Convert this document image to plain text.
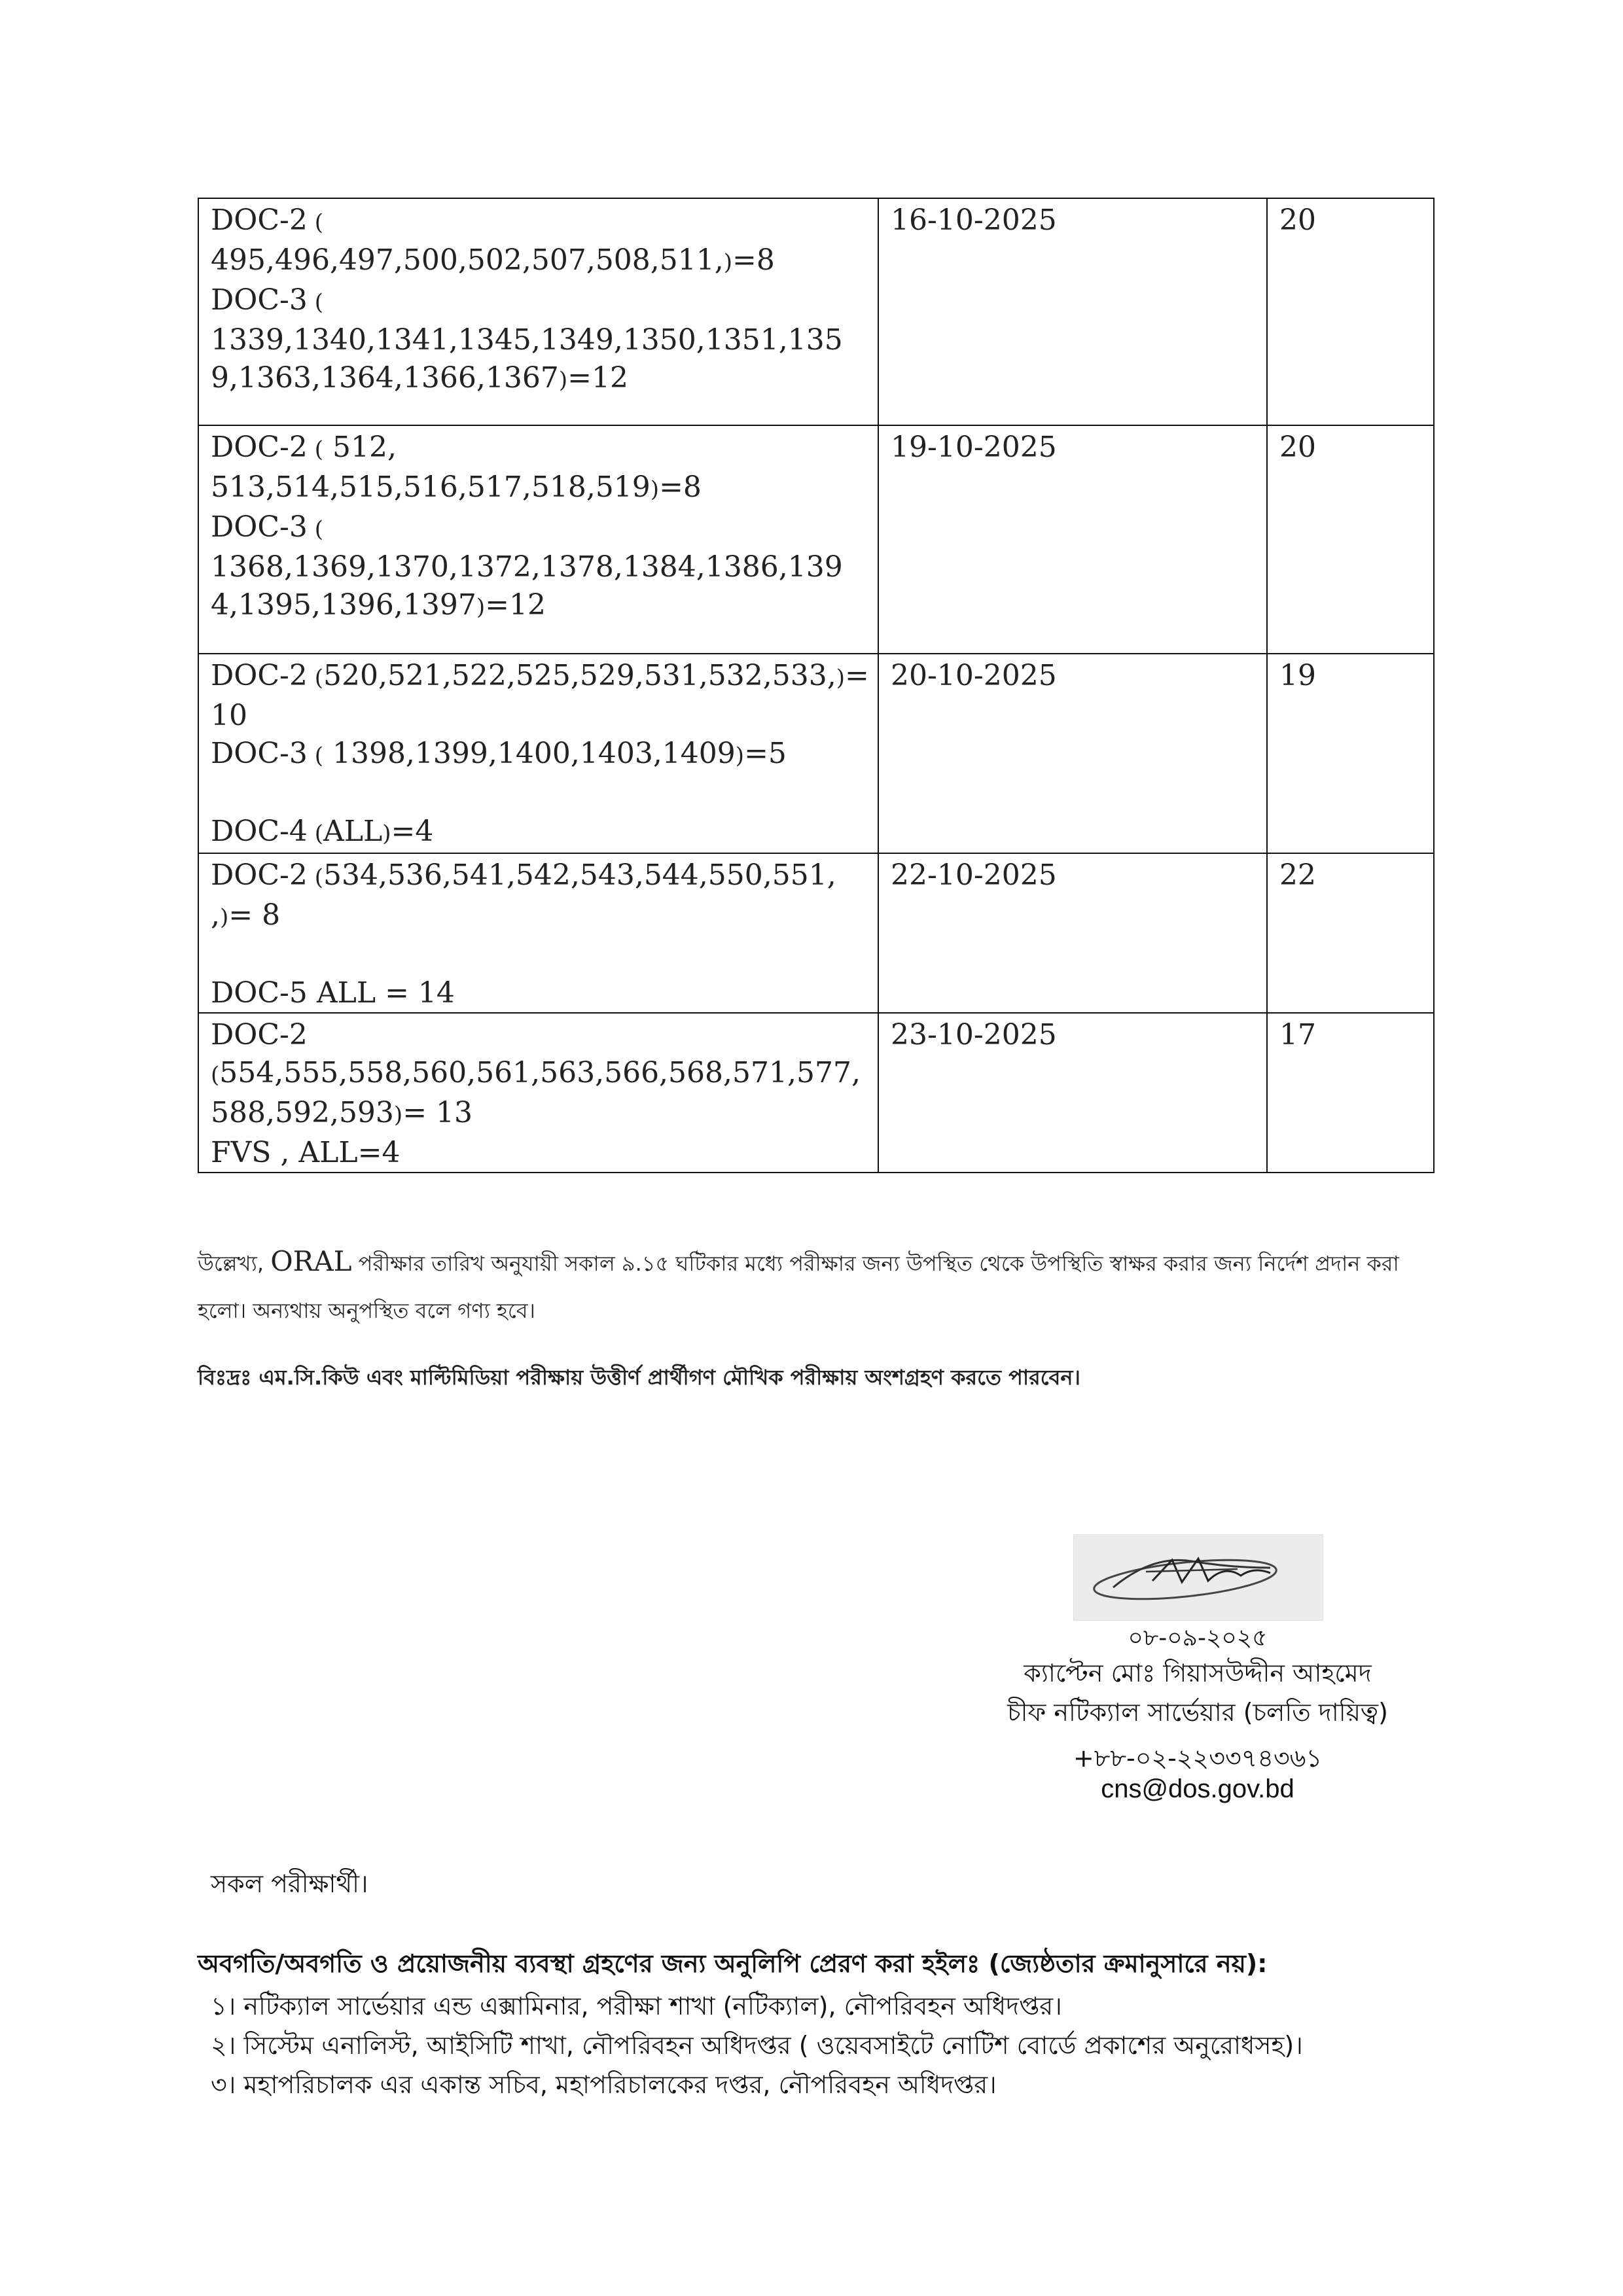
DOC-2 (
495,496,497,500,502,507,508,511,)=8
DOC-3 (
1339,1340,1341,1345,1349,1350,1351,135
9,1363,1364,1366,1367)=12	16-10-2025	20

DOC-2 ( 512,
513,514,515,516,517,518,519)=8
DOC-3 (
1368,1369,1370,1372,1378,1384,1386,139
4,1395,1396,1397)=12	19-10-2025	20

DOC-2 (520,521,522,525,529,531,532,533,)=
10
DOC-3 ( 1398,1399,1400,1403,1409)=5
DOC-4 (ALL)=4	20-10-2025	19

DOC-2 (534,536,541,542,543,544,550,551,
,)= 8
DOC-5 ALL = 14	22-10-2025	22

DOC-2
(554,555,558,560,561,563,566,568,571,577,
588,592,593)= 13
FVS , ALL=4	23-10-2025	17
উল্লেখ্য, ORAL পরীক্ষার তারিখ অনুযায়ী সকাল ৯.১৫ ঘটিকার মধ্যে পরীক্ষার জন্য উপস্থিত থেকে উপস্থিতি স্বাক্ষর করার জন্য নির্দেশ প্রদান করা হলো। অন্যথায় অনুপস্থিত বলে গণ্য হবে।
বিঃদ্রঃ এম.সি.কিউ এবং মাল্টিমিডিয়া পরীক্ষায় উত্তীর্ণ প্রার্থীগণ মৌখিক পরীক্ষায় অংশগ্রহণ করতে পারবেন।
০৮-০৯-২০২৫
ক্যাপ্টেন মোঃ গিয়াসউদ্দীন আহমেদ
চীফ নটিক্যাল সার্ভেয়ার (চলতি দায়িত্ব)
+৮৮-০২-২২৩৩৭৪৩৬১
cns@dos.gov.bd
সকল পরীক্ষার্থী।
অবগতি/অবগতি ও প্রয়োজনীয় ব্যবস্থা গ্রহণের জন্য অনুলিপি প্রেরণ করা হইলঃ (জ্যেষ্ঠতার ক্রমানুসারে নয়):
১। নটিক্যাল সার্ভেয়ার এন্ড এক্সামিনার, পরীক্ষা শাখা (নটিক্যাল), নৌপরিবহন অধিদপ্তর।
২। সিস্টেম এনালিস্ট, আইসিটি শাখা, নৌপরিবহন অধিদপ্তর ( ওয়েবসাইটে নোটিশ বোর্ডে প্রকাশের অনুরোধসহ)।
৩। মহাপরিচালক এর একান্ত সচিব, মহাপরিচালকের দপ্তর, নৌপরিবহন অধিদপ্তর।
